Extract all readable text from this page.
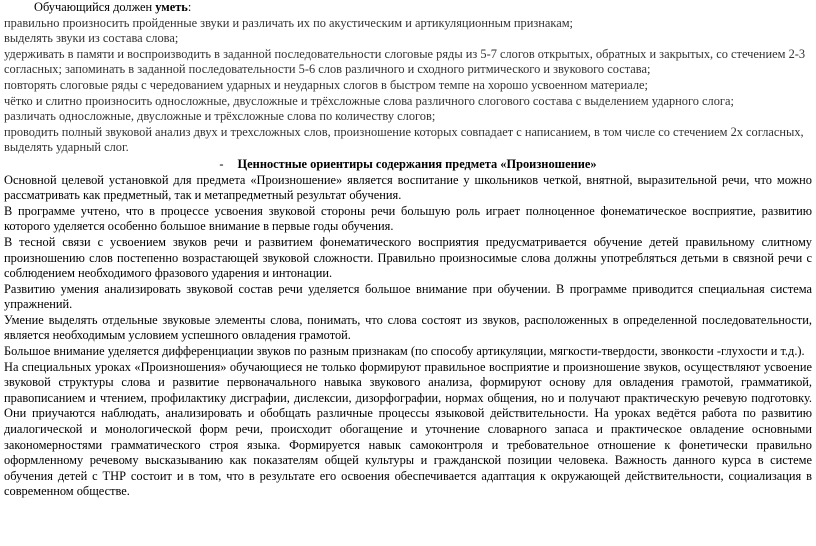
Обучающийся должен уметь:

правильно произносить пройденные звуки и различать их по акустическим и артикуляционным признакам;

выделять звуки из состава слова;

удерживать в памяти и воспроизводить в заданной последовательности слоговые ряды из 5-7 слогов открытых, обратных и закрытых, со стечением 2-3 согласных; запоминать в заданной последовательности 5-6 слов различного и сходного ритмического и звукового состава;

повторять слоговые ряды с чередованием ударных и неударных слогов в быстром темпе на хорошо усвоенном материале;

чётко и слитно произносить односложные, двусложные и трёхсложные слова различного слогового состава с выделением ударного слога;

различать односложные, двусложные и трёхсложные слова по количеству слогов;

проводить полный звуковой анализ двух и трехсложных слов, произношение которых совпадает с написанием, в том числе со стечением 2х согласных, выделять ударный слог.

- Ценностные ориентиры содержания предмета «Произношение»

Основной целевой установкой для предмета «Произношение» является воспитание у школьников четкой, внятной, выразительной речи, что можно рассматривать как предметный, так и метапредметный результат обучения.

В программе учтено, что в процессе усвоения звуковой стороны речи большую роль играет полноценное фонематическое восприятие, развитию которого уделяется особенно большое внимание в первые годы обучения.

В тесной связи с усвоением звуков речи и развитием фонематического восприятия предусматривается обучение детей правильному слитному произношению слов постепенно возрастающей звуковой сложности. Правильно произносимые слова должны употребляться детьми в связной речи с соблюдением необходимого фразового ударения и интонации.

Развитию умения анализировать звуковой состав речи уделяется большое внимание при обучении. В программе приводится специальная система упражнений.

Умение выделять отдельные звуковые элементы слова, понимать, что слова состоят из звуков, расположенных в определенной последовательности, является необходимым условием успешного овладения грамотой.

Большое внимание уделяется дифференциации звуков по разным признакам (по способу артикуляции, мягкости-твердости, звонкости -глухости и т.д.).

На специальных уроках «Произношения» обучающиеся не только формируют правильное восприятие и произношение звуков, осуществляют усвоение звуковой структуры слова и развитие первоначального навыка звукового анализа, формируют основу для овладения грамотой, грамматикой, правописанием и чтением, профилактику дисграфии, дислексии, дизорфографии, нормах общения, но и получают практическую речевую подготовку. Они приучаются наблюдать, анализировать и обобщать различные процессы языковой действительности. На уроках ведётся работа по развитию диалогической и монологической форм речи, происходит обогащение и уточнение словарного запаса и практическое овладение основными закономерностями грамматического строя языка. Формируется навык самоконтроля и требовательное отношение к фонетически правильно оформленному речевому высказыванию как показателям общей культуры и гражданской позиции человека. Важность данного курса в системе обучения детей с ТНР состоит и в том, что в результате его освоения обеспечивается адаптация к окружающей действительности, социализация в современном обществе.
